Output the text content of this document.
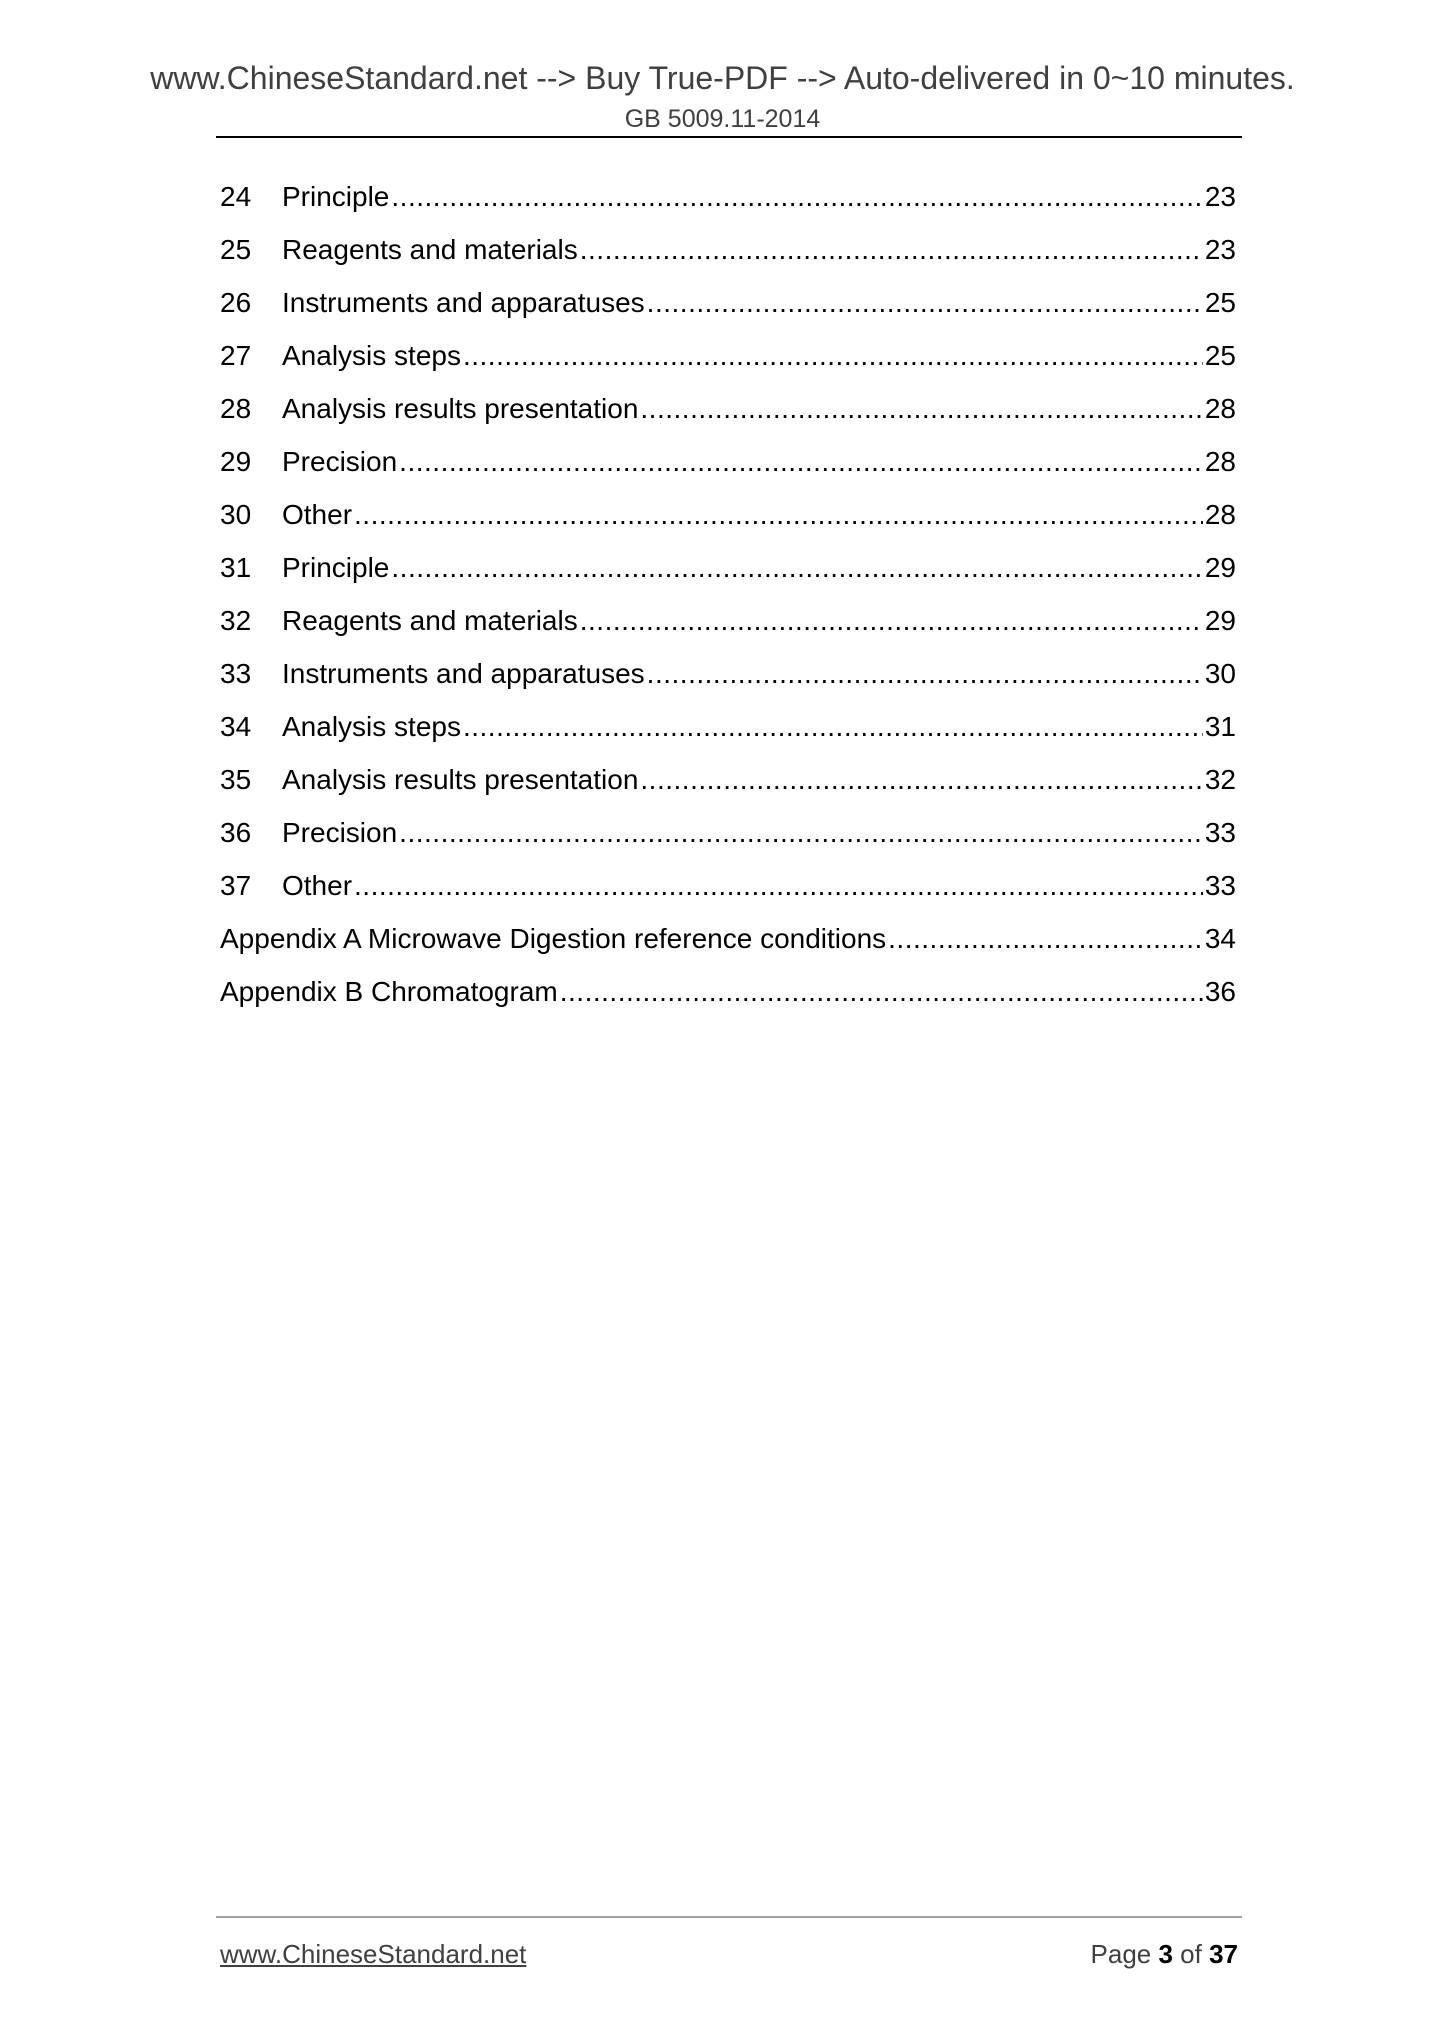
www.ChineseStandard.net --> Buy True-PDF --> Auto-delivered in 0~10 minutes.
GB 5009.11-2014
24	Principle .....	23
25	Reagents and materials .....	23
26	Instruments and apparatuses .....	25
27	Analysis steps .....	25
28	Analysis results presentation .....	28
29	Precision .....	28
30	Other .....	28
31	Principle .....	29
32	Reagents and materials .....	29
33	Instruments and apparatuses .....	30
34	Analysis steps .....	31
35	Analysis results presentation .....	32
36	Precision .....	33
37	Other .....	33
Appendix A Microwave Digestion reference conditions .....	34
Appendix B Chromatogram .....	36
www.ChineseStandard.net	Page 3 of 37
